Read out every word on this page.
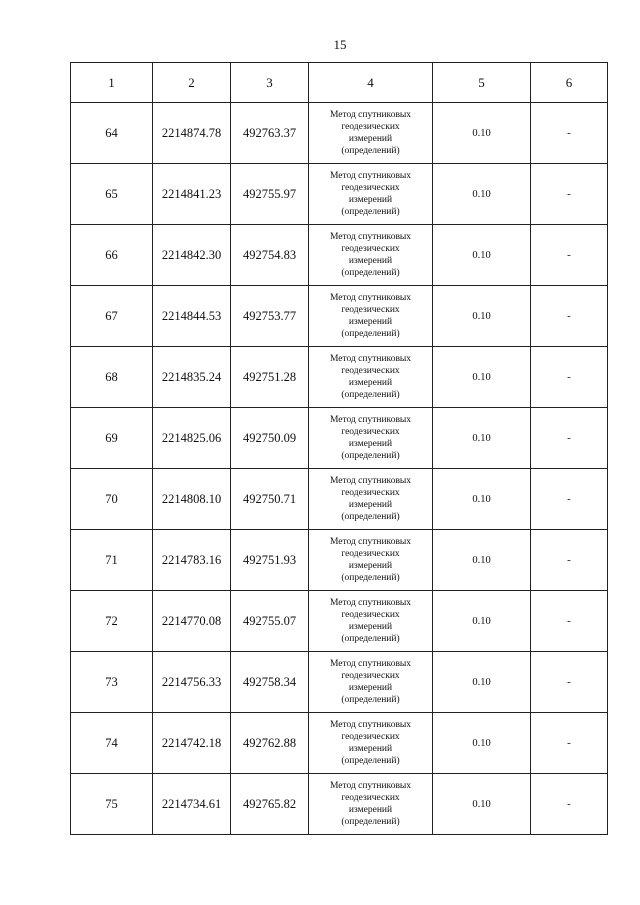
15
1	2	3	4	5	6
64	2214874.78	492763.37	Метод спутниковых
геодезических
измерений
(определений)	0.10	-
65	2214841.23	492755.97	Метод спутниковых
геодезических
измерений
(определений)	0.10	-
66	2214842.30	492754.83	Метод спутниковых
геодезических
измерений
(определений)	0.10	-
67	2214844.53	492753.77	Метод спутниковых
геодезических
измерений
(определений)	0.10	-
68	2214835.24	492751.28	Метод спутниковых
геодезических
измерений
(определений)	0.10	-
69	2214825.06	492750.09	Метод спутниковых
геодезических
измерений
(определений)	0.10	-
70	2214808.10	492750.71	Метод спутниковых
геодезических
измерений
(определений)	0.10	-
71	2214783.16	492751.93	Метод спутниковых
геодезических
измерений
(определений)	0.10	-
72	2214770.08	492755.07	Метод спутниковых
геодезических
измерений
(определений)	0.10	-
73	2214756.33	492758.34	Метод спутниковых
геодезических
измерений
(определений)	0.10	-
74	2214742.18	492762.88	Метод спутниковых
геодезических
измерений
(определений)	0.10	-
75	2214734.61	492765.82	Метод спутниковых
геодезических
измерений
(определений)	0.10	-
